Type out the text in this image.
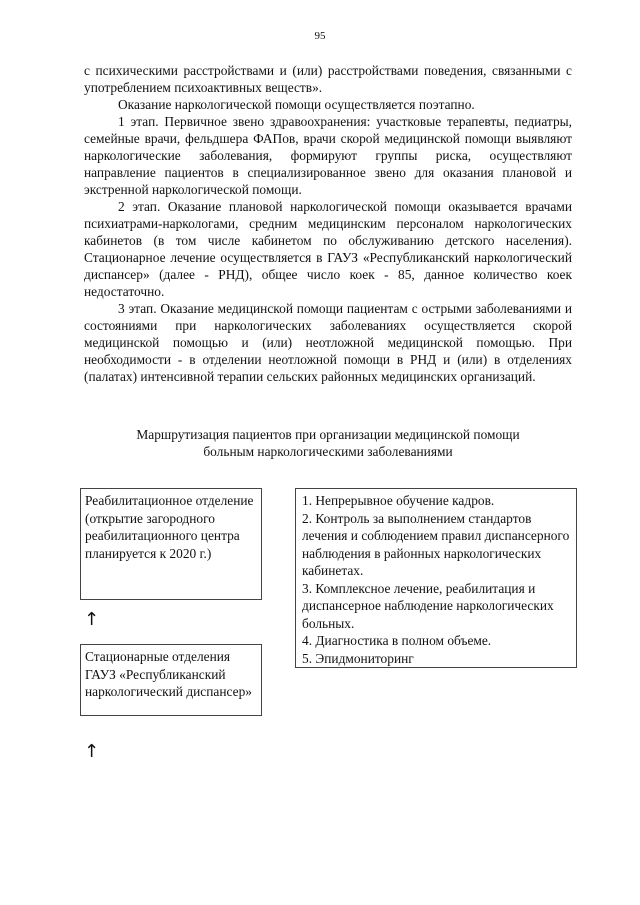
95

с психическими расстройствами и (или) расстройствами поведения, связанными с употреблением психоактивных веществ».

Оказание наркологической помощи осуществляется поэтапно.

1 этап. Первичное звено здравоохранения: участковые терапевты, педиатры, семейные врачи, фельдшера ФАПов, врачи скорой медицинской помощи выявляют наркологические заболевания, формируют группы риска, осуществляют направление пациентов в специализированное звено для оказания плановой и экстренной наркологической помощи.

2 этап. Оказание плановой наркологической помощи оказывается врачами психиатрами-наркологами, средним медицинским персоналом наркологических кабинетов (в том числе кабинетом по обслуживанию детского населения). Стационарное лечение осуществляется в ГАУЗ «Республиканский наркологический диспансер» (далее - РНД), общее число коек - 85, данное количество коек недостаточно.

3 этап. Оказание медицинской помощи пациентам с острыми заболеваниями и состояниями при наркологических заболеваниях осуществляется скорой медицинской помощью и (или) неотложной медицинской помощью. При необходимости - в отделении неотложной помощи в РНД и (или) в отделениях (палатах) интенсивной терапии сельских районных медицинских организаций.

Маршрутизация пациентов при организации медицинской помощи
больным наркологическими заболеваниями
Реабилитационное отделение (открытие загородного реабилитационного центра планируется к 2020 г.)
↑
Стационарные отделения ГАУЗ «Республиканский наркологический диспансер»
↑
1. Непрерывное обучение кадров.
2. Контроль за выполнением стандартов лечения и соблюдением правил диспансерного наблюдения в районных наркологических кабинетах.
3. Комплексное лечение, реабилитация и диспансерное наблюдение наркологических больных.
4. Диагностика в полном объеме.
5. Эпидмониторинг
